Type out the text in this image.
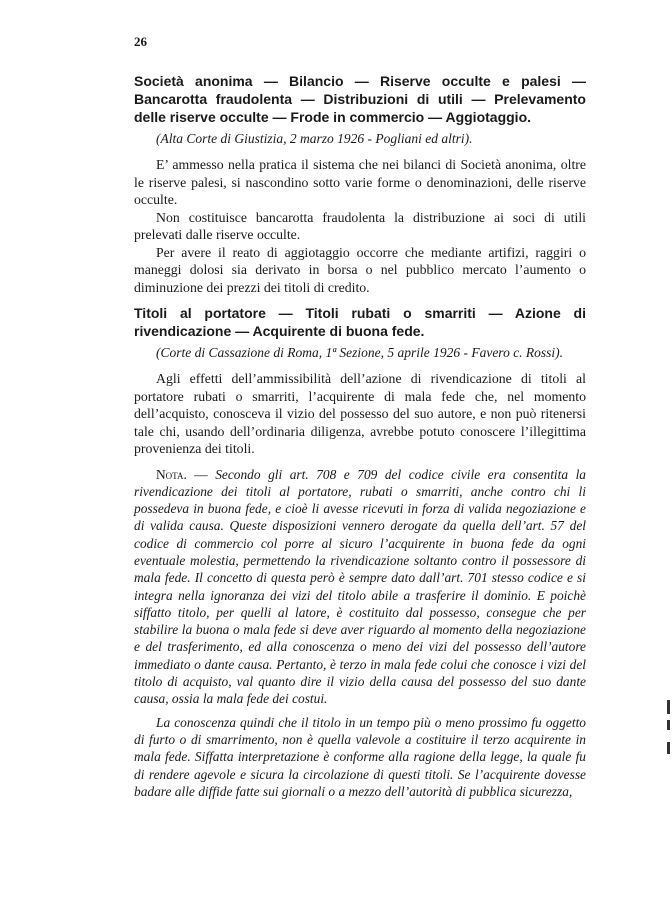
26

Società anonima — Bilancio — Riserve occulte e palesi — Bancarotta fraudolenta — Distribuzioni di utili — Prelevamento delle riserve occulte — Frode in commercio — Aggiotaggio.

(Alta Corte di Giustizia, 2 marzo 1926 - Pogliani ed altri).

E’ ammesso nella pratica il sistema che nei bilanci di Società anonima, oltre le riserve palesi, si nascondino sotto varie forme o denominazioni, delle riserve occulte.

Non costituisce bancarotta fraudolenta la distribuzione ai soci di utili prelevati dalle riserve occulte.

Per avere il reato di aggiotaggio occorre che mediante artifizi, raggiri o maneggi dolosi sia derivato in borsa o nel pubblico mercato l’aumento o diminuzione dei prezzi dei titoli di credito.

Titoli al portatore — Titoli rubati o smarriti — Azione di rivendicazione — Acquirente di buona fede.

(Corte di Cassazione di Roma, 1ª Sezione, 5 aprile 1926 - Favero c. Rossi).

Agli effetti dell’ammissibilità dell’azione di rivendicazione di titoli al portatore rubati o smarriti, l’acquirente di mala fede che, nel momento dell’acquisto, conosceva il vizio del possesso del suo autore, e non può ritenersi tale chi, usando dell’ordinaria diligenza, avrebbe potuto conoscere l’illegittima provenienza dei titoli.

Nota. — Secondo gli art. 708 e 709 del codice civile era consentita la rivendicazione dei titoli al portatore, rubati o smarriti, anche contro chi li possedeva in buona fede, e cioè li avesse ricevuti in forza di valida negoziazione e di valida causa. Queste disposizioni vennero derogate da quella dell’art. 57 del codice di commercio col porre al sicuro l’acquirente in buona fede da ogni eventuale molestia, permettendo la rivendicazione soltanto contro il possessore di mala fede. Il concetto di questa però è sempre dato dall’art. 701 stesso codice e si integra nella ignoranza dei vizi del titolo abile a trasferire il dominio. E poichè siffatto titolo, per quelli al latore, è costituito dal possesso, consegue che per stabilire la buona o mala fede si deve aver riguardo al momento della negoziazione e del trasferimento, ed alla conoscenza o meno dei vizi del possesso dell’autore immediato o dante causa. Pertanto, è terzo in mala fede colui che conosce i vizi del titolo di acquisto, val quanto dire il vizio della causa del possesso del suo dante causa, ossia la mala fede dei costui.

La conoscenza quindi che il titolo in un tempo più o meno prossimo fu oggetto di furto o di smarrimento, non è quella valevole a costituire il terzo acquirente in mala fede. Siffatta interpretazione è conforme alla ragione della legge, la quale fu di rendere agevole e sicura la circolazione di questi titoli. Se l’acquirente dovesse badare alle diffide fatte sui giornali o a mezzo dell’autorità di pubblica sicurezza,
